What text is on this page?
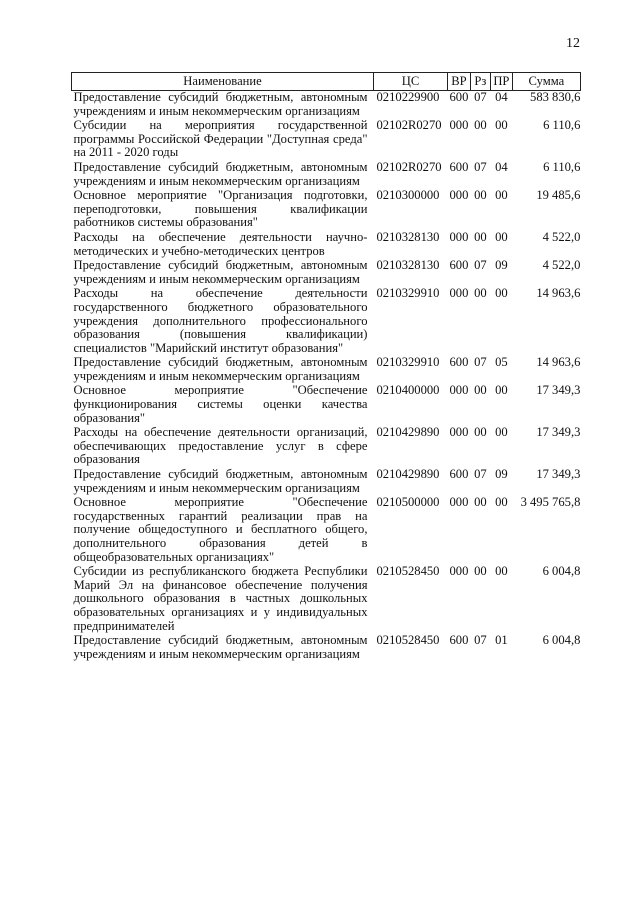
12
Наименование	ЦС	ВР	Рз	ПР	Сумма
Предоставление субсидий бюджетным, автономным учреждениям и иным некоммерческим организациям	0210229900	600	07	04	583 830,6
Субсидии на мероприятия государственной программы Российской Федерации "Доступная среда" на 2011 - 2020 годы	02102R0270	000	00	00	6 110,6
Предоставление субсидий бюджетным, автономным учреждениям и иным некоммерческим организациям	02102R0270	600	07	04	6 110,6
Основное мероприятие "Организация подготовки, переподготовки, повышения квалификации работников системы образования"	0210300000	000	00	00	19 485,6
Расходы на обеспечение деятельности научно-методических и учебно-методических центров	0210328130	000	00	00	4 522,0
Предоставление субсидий бюджетным, автономным учреждениям и иным некоммерческим организациям	0210328130	600	07	09	4 522,0
Расходы на обеспечение деятельности государственного бюджетного образовательного учреждения дополнительного профессионального образования (повышения квалификации) специалистов "Марийский институт образования"	0210329910	000	00	00	14 963,6
Предоставление субсидий бюджетным, автономным учреждениям и иным некоммерческим организациям	0210329910	600	07	05	14 963,6
Основное мероприятие "Обеспечение функционирования системы оценки качества образования"	0210400000	000	00	00	17 349,3
Расходы на обеспечение деятельности организаций, обеспечивающих предоставление услуг в сфере образования	0210429890	000	00	00	17 349,3
Предоставление субсидий бюджетным, автономным учреждениям и иным некоммерческим организациям	0210429890	600	07	09	17 349,3
Основное мероприятие "Обеспечение государственных гарантий реализации прав на получение общедоступного и бесплатного общего, дополнительного образования детей в общеобразовательных организациях"	0210500000	000	00	00	3 495 765,8
Субсидии из республиканского бюджета Республики Марий Эл на финансовое обеспечение получения дошкольного образования в частных дошкольных образовательных организациях и у индивидуальных предпринимателей	0210528450	000	00	00	6 004,8
Предоставление субсидий бюджетным, автономным учреждениям и иным некоммерческим организациям	0210528450	600	07	01	6 004,8
